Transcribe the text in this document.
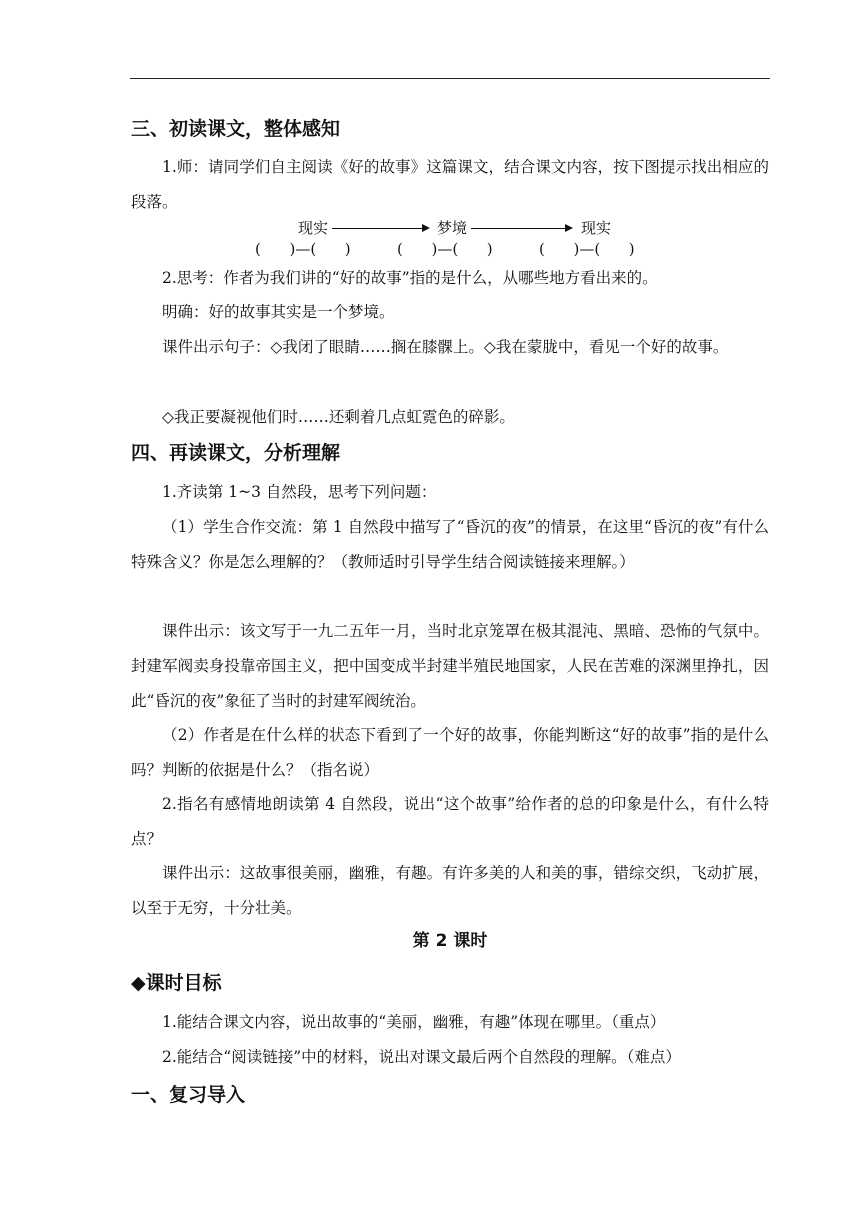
三、初读课文，整体感知
1.师：请同学们自主阅读《好的故事》这篇课文，结合课文内容，按下图提示找出相应的段落。
现实	梦境	现实
(      )—(      )	(      )—(      )	(      )—(      )
2.思考：作者为我们讲的“好的故事”指的是什么，从哪些地方看出来的。
明确：好的故事其实是一个梦境。
课件出示句子：◇我闭了眼睛……搁在膝髁上。◇我在蒙胧中，看见一个好的故事。
◇我正要凝视他们时……还剩着几点虹霓色的碎影。
四、再读课文，分析理解
1.齐读第 1~3 自然段，思考下列问题：
（1）学生合作交流：第 1 自然段中描写了“昏沉的夜”的情景，在这里“昏沉的夜”有什么特殊含义？你是怎么理解的？（教师适时引导学生结合阅读链接来理解。）
课件出示：该文写于一九二五年一月，当时北京笼罩在极其混沌、黑暗、恐怖的气氛中。封建军阀卖身投靠帝国主义，把中国变成半封建半殖民地国家，人民在苦难的深渊里挣扎，因此“昏沉的夜”象征了当时的封建军阀统治。
（2）作者是在什么样的状态下看到了一个好的故事，你能判断这“好的故事”指的是什么吗？判断的依据是什么？（指名说）
2.指名有感情地朗读第 4 自然段，说出“这个故事”给作者的总的印象是什么，有什么特点？
课件出示：这故事很美丽，幽雅，有趣。有许多美的人和美的事，错综交织，飞动扩展，以至于无穷，十分壮美。
第 2 课时
◆课时目标
1.能结合课文内容，说出故事的“美丽，幽雅，有趣”体现在哪里。（重点）
2.能结合“阅读链接”中的材料，说出对课文最后两个自然段的理解。（难点）
一、复习导入
